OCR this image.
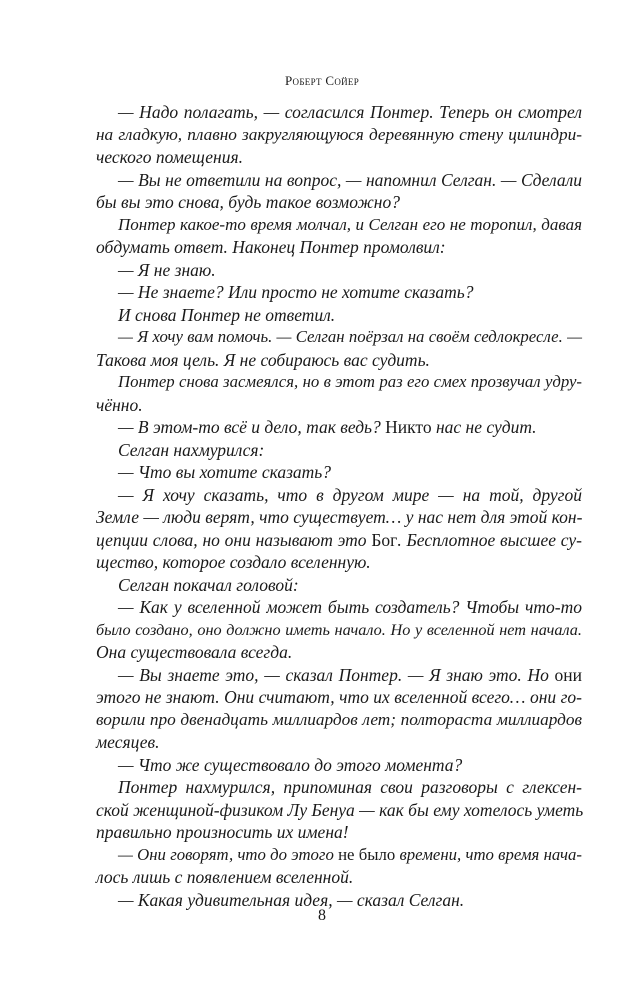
Роберт Сойер
— Надо полагать, — согласился Понтер. Теперь он смотрел
на гладкую, плавно закругляющуюся деревянную стену цилиндри-
ческого помещения.
— Вы не ответили на вопрос, — напомнил Селган. — Сделали
бы вы это снова, будь такое возможно?
Понтер какое-то время молчал, и Селган его не торопил, давая
обдумать ответ. Наконец Понтер промолвил:
— Я не знаю.
— Не знаете? Или просто не хотите сказать?
И снова Понтер не ответил.
— Я хочу вам помочь. — Селган поёрзал на своём седлокресле. —
Такова моя цель. Я не собираюсь вас судить.
Понтер снова засмеялся, но в этот раз его смех прозвучал удру-
чённо.
— В этом-то всё и дело, так ведь? Никто нас не судит.
Селган нахмурился:
— Что вы хотите сказать?
— Я хочу сказать, что в другом мире — на той, другой
Земле — люди верят, что существует… у нас нет для этой кон-
цепции слова, но они называют это Бог. Бесплотное высшее су-
щество, которое создало вселенную.
Селган покачал головой:
— Как у вселенной может быть создатель? Чтобы что-то
было создано, оно должно иметь начало. Но у вселенной нет начала.
Она существовала всегда.
— Вы знаете это, — сказал Понтер. — Я знаю это. Но они
этого не знают. Они считают, что их вселенной всего… они го-
ворили про двенадцать миллиардов лет; полтораста миллиардов
месяцев.
— Что же существовало до этого момента?
Понтер нахмурился, припоминая свои разговоры с глексен-
ской женщиной-физиком Лу Бенуа — как бы ему хотелось уметь
правильно произносить их имена!
— Они говорят, что до этого не было времени, что время нача-
лось лишь с появлением вселенной.
— Какая удивительная идея, — сказал Селган.
8
